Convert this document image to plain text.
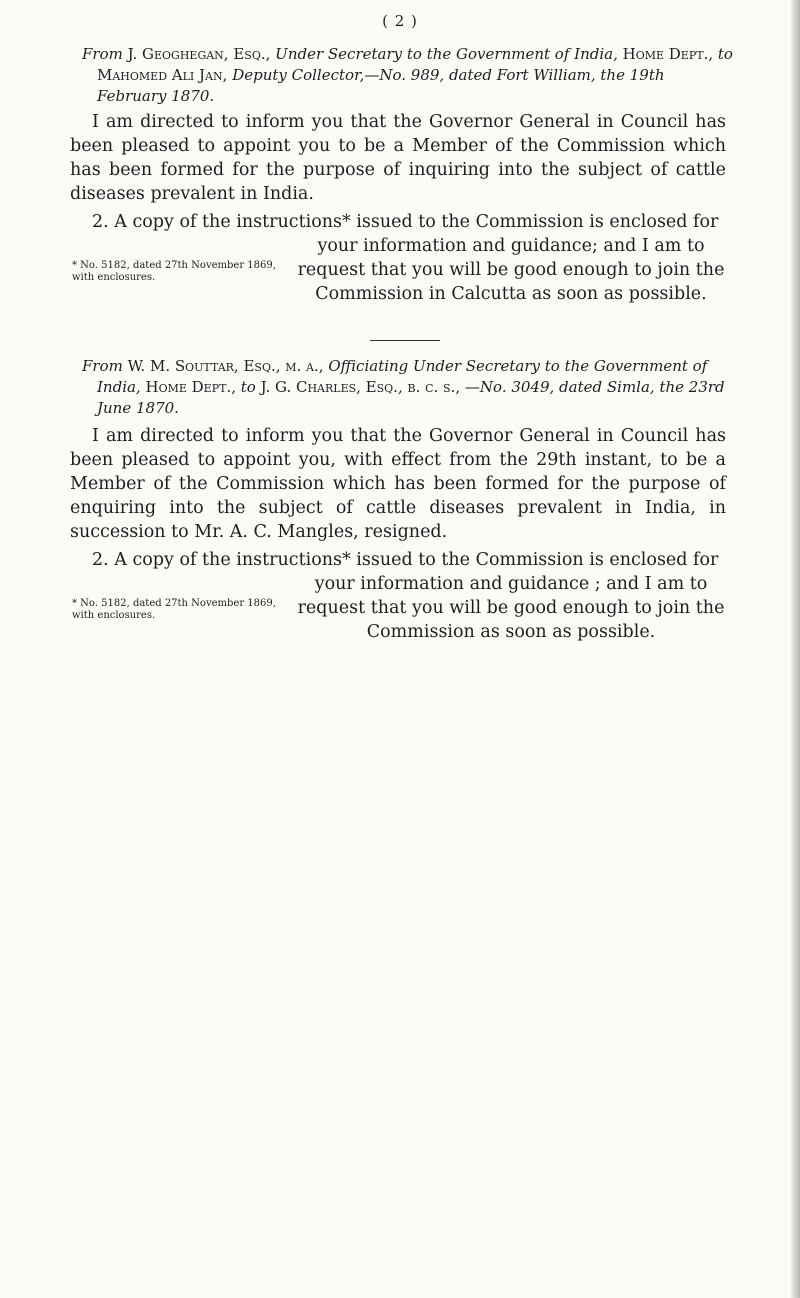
( 2 )
From J. Geoghegan, Esq., Under Secretary to the Government of India, Home Dept., to Mahomed Ali Jan, Deputy Collector,—No. 989, dated Fort William, the 19th February 1870.
I am directed to inform you that the Governor General in Council has been pleased to appoint you to be a Member of the Commission which has been formed for the purpose of inquiring into the subject of cattle diseases prevalent in India.
2. A copy of the instructions* issued to the Commission is enclosed for
your information and guidance; and I am to request that you will be good enough to join the Commission in Calcutta as soon as possible.
* No. 5182, dated 27th November 1869, with enclosures.
From W. M. Souttar, Esq., m. a., Officiating Under Secretary to the Government of India, Home Dept., to J. G. Charles, Esq., b. c. s., —No. 3049, dated Simla, the 23rd June 1870.
I am directed to inform you that the Governor General in Council has been pleased to appoint you, with effect from the 29th instant, to be a Member of the Commission which has been formed for the purpose of enquiring into the subject of cattle diseases prevalent in India, in succession to Mr. A. C. Mangles, resigned.
2. A copy of the instructions* issued to the Commission is enclosed for
your information and guidance ; and I am to request that you will be good enough to join the Commission as soon as possible.
* No. 5182, dated 27th November 1869, with enclosures.
